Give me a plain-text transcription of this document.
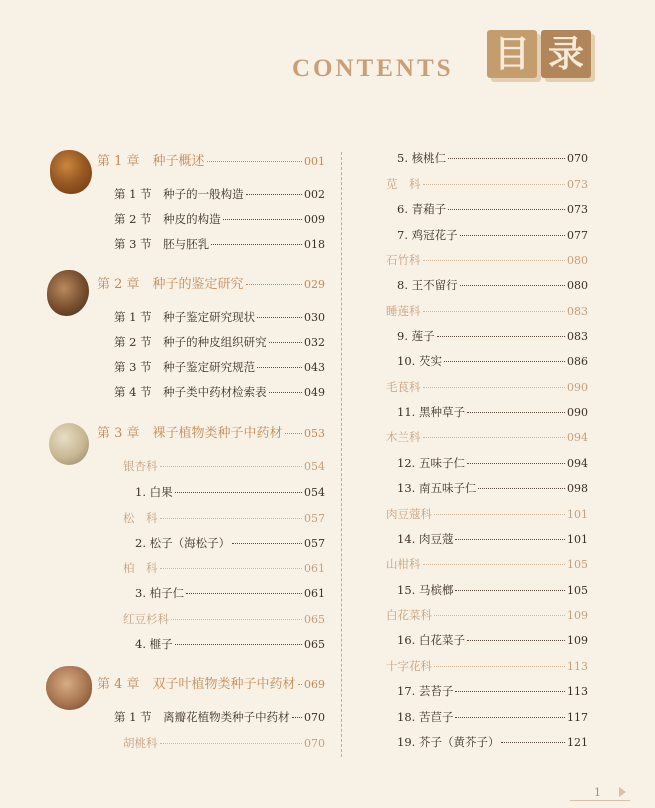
CONTENTS 目 录
第 1 章　种子概述	001
第 1 节　种子的一般构造	002
第 2 节　种皮的构造	009
第 3 节　胚与胚乳	018
第 2 章　种子的鉴定研究	029
第 1 节　种子鉴定研究现状	030
第 2 节　种子的种皮组织研究	032
第 3 节　种子鉴定研究规范	043
第 4 节　种子类中药材检索表	049
第 3 章　裸子植物类种子中药材 053
银杏科	054
1. 白果	054
松　科	057
2. 松子（海松子）	057
柏　科	061
3. 柏子仁	061
红豆杉科	065
4. 榧子	065
第 4 章　双子叶植物类种子中药材 069
第 1 节　离瓣花植物类种子中药材 070
胡桃科	070
5. 核桃仁	070
苋　科	073
6. 青葙子	073
7. 鸡冠花子	077
石竹科	080
8. 王不留行	080
睡莲科	083
9. 莲子	083
10. 芡实	086
毛茛科	090
11. 黑种草子	090
木兰科	094
12. 五味子仁	094
13. 南五味子仁	098
肉豆蔻科	101
14. 肉豆蔻	101
山柑科	105
15. 马槟榔	105
白花菜科	109
16. 白花菜子	109
十字花科	113
17. 芸苔子	113
18. 苦苣子	117
19. 芥子（黄芥子）	121
1
